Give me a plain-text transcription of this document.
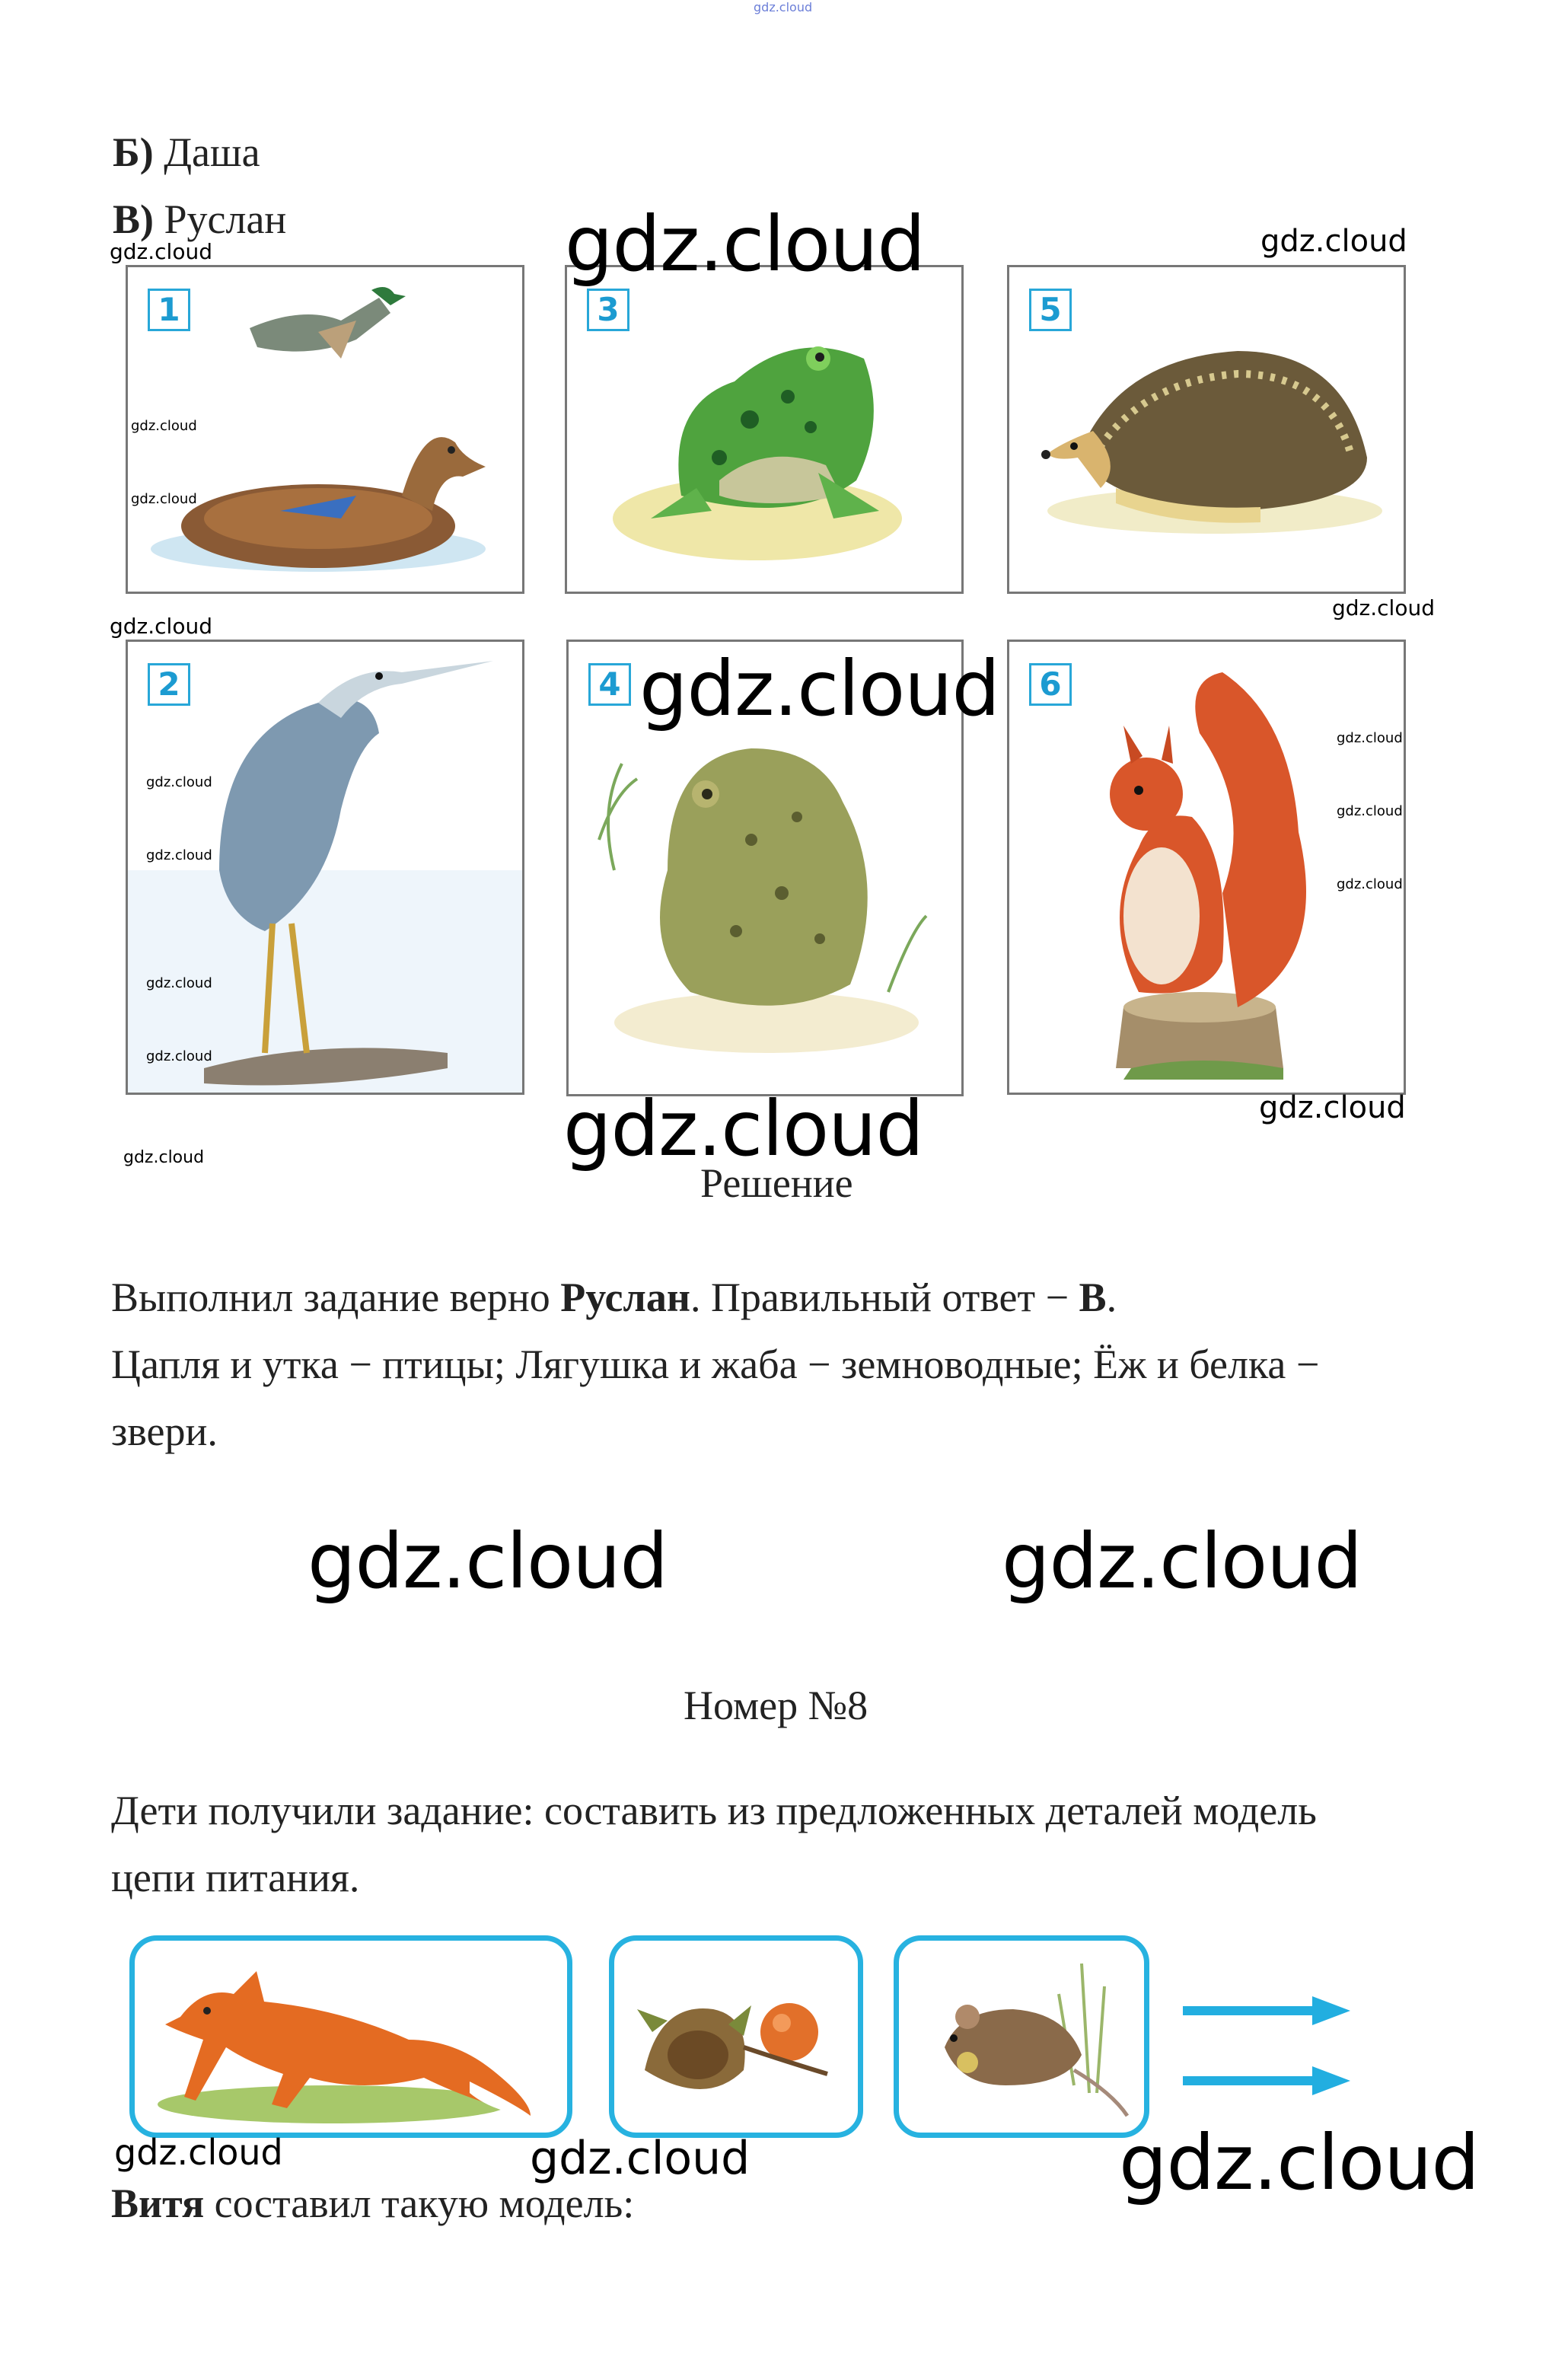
gdz.cloud
Б) Даша
В) Руслан
1
gdz.cloud
gdz.cloud
3	5
2
gdz.cloud
gdz.cloud
gdz.cloud
gdz.cloud
4	6
gdz.cloud
gdz.cloud
gdz.cloud
gdz.cloud	gdz.cloud	gdz.cloud
gdz.cloud
gdz.cloud
gdz.cloud
gdz.cloud	gdz.cloud
gdz.cloud
Решение
Выполнил задание верно Руслан. Правильный ответ − В.
Цапля и утка − птицы; Лягушка и жаба − земноводные; Ёж и белка −
звери.
gdz.cloud	gdz.cloud
Номер №8
Дети получили задание: составить из предложенных деталей модель
цепи питания.
gdz.cloud	gdz.cloud	gdz.cloud
Витя составил такую модель:
